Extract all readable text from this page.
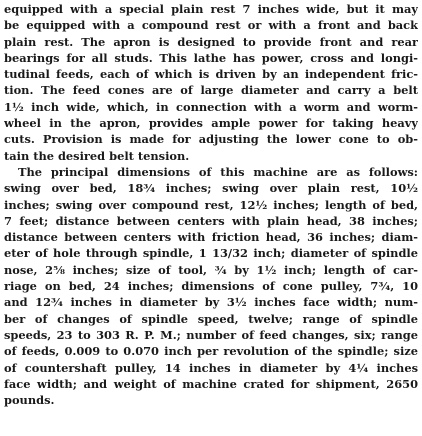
equipped with a special plain rest 7 inches wide, but it may
be equipped with a compound rest or with a front and back
plain rest. The apron is designed to provide front and rear
bearings for all studs. This lathe has power, cross and longi-
tudinal feeds, each of which is driven by an independent fric-
tion. The feed cones are of large diameter and carry a belt
1½ inch wide, which, in connection with a worm and worm-
wheel in the apron, provides ample power for taking heavy
cuts. Provision is made for adjusting the lower cone to ob-
tain the desired belt tension.
The principal dimensions of this machine are as follows:
swing over bed, 18¾ inches; swing over plain rest, 10½
inches; swing over compound rest, 12½ inches; length of bed,
7 feet; distance between centers with plain head, 38 inches;
distance between centers with friction head, 36 inches; diam-
eter of hole through spindle, 1 13/32 inch; diameter of spindle
nose, 2⅝ inches; size of tool, ¾ by 1½ inch; length of car-
riage on bed, 24 inches; dimensions of cone pulley, 7¾, 10
and 12¾ inches in diameter by 3½ inches face width; num-
ber of changes of spindle speed, twelve; range of spindle
speeds, 23 to 303 R. P. M.; number of feed changes, six; range
of feeds, 0.009 to 0.070 inch per revolution of the spindle; size
of countershaft pulley, 14 inches in diameter by 4¼ inches
face width; and weight of machine crated for shipment, 2650
pounds.
